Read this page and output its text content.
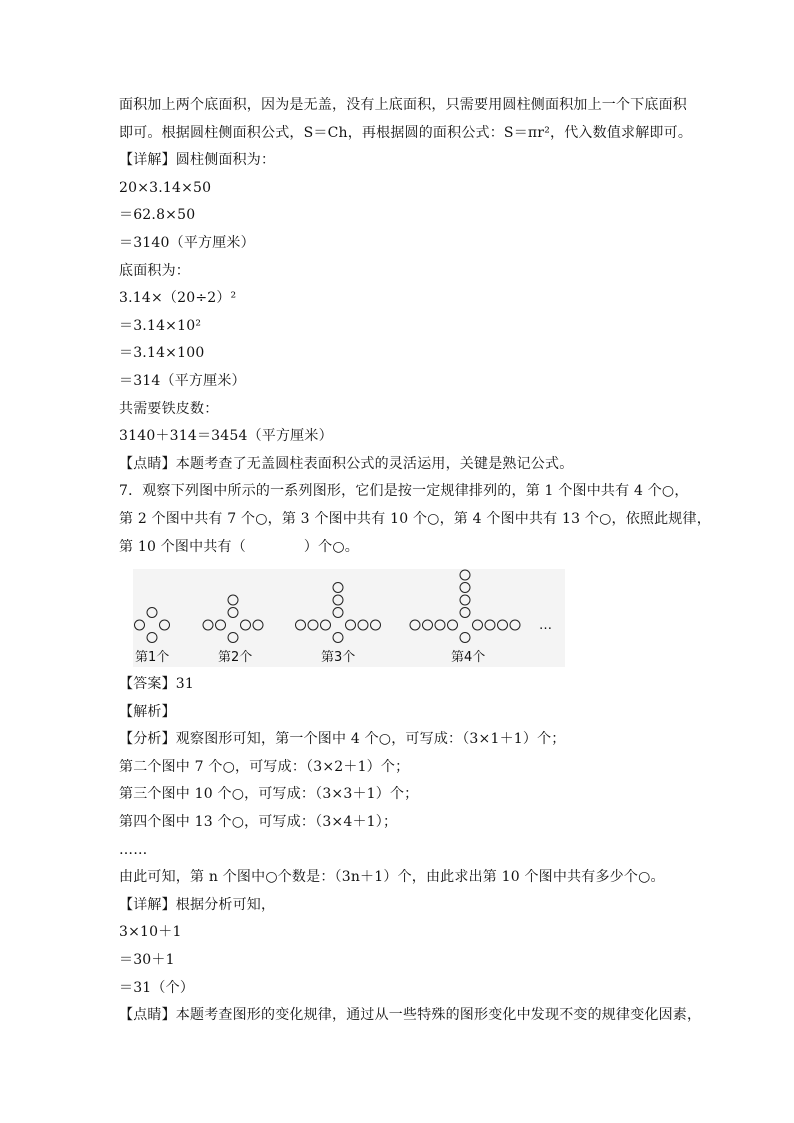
面积加上两个底面积，因为是无盖，没有上底面积，只需要用圆柱侧面积加上一个下底面积
即可。根据圆柱侧面积公式，S＝Ch，再根据圆的面积公式：S＝πr²，代入数值求解即可。
【详解】圆柱侧面积为：
20×3.14×50
＝62.8×50
＝3140（平方厘米）
底面积为：
3.14×（20÷2）²
＝3.14×10²
＝3.14×100
＝314（平方厘米）
共需要铁皮数：
3140＋314＝3454（平方厘米）
【点睛】本题考查了无盖圆柱表面积公式的灵活运用，关键是熟记公式。
7．观察下列图中所示的一系列图形，它们是按一定规律排列的，第 1 个图中共有 4 个○，
第 2 个图中共有 7 个○，第 3 个图中共有 10 个○，第 4 个图中共有 13 个○，依照此规律，
第 10 个图中共有（	）个○。
第1个	第2个	第3个	第4个
…
【答案】31
【解析】
【分析】观察图形可知，第一个图中 4 个○，可写成：（3×1＋1）个；
第二个图中 7 个○，可写成：（3×2＋1）个；
第三个图中 10 个○，可写成：（3×3＋1）个；
第四个图中 13 个○，可写成：（3×4＋1）；
……
由此可知，第 n 个图中○个数是：（3n＋1）个，由此求出第 10 个图中共有多少个○。
【详解】根据分析可知，
3×10＋1
＝30＋1
＝31（个）
【点睛】本题考查图形的变化规律，通过从一些特殊的图形变化中发现不变的规律变化因素，
